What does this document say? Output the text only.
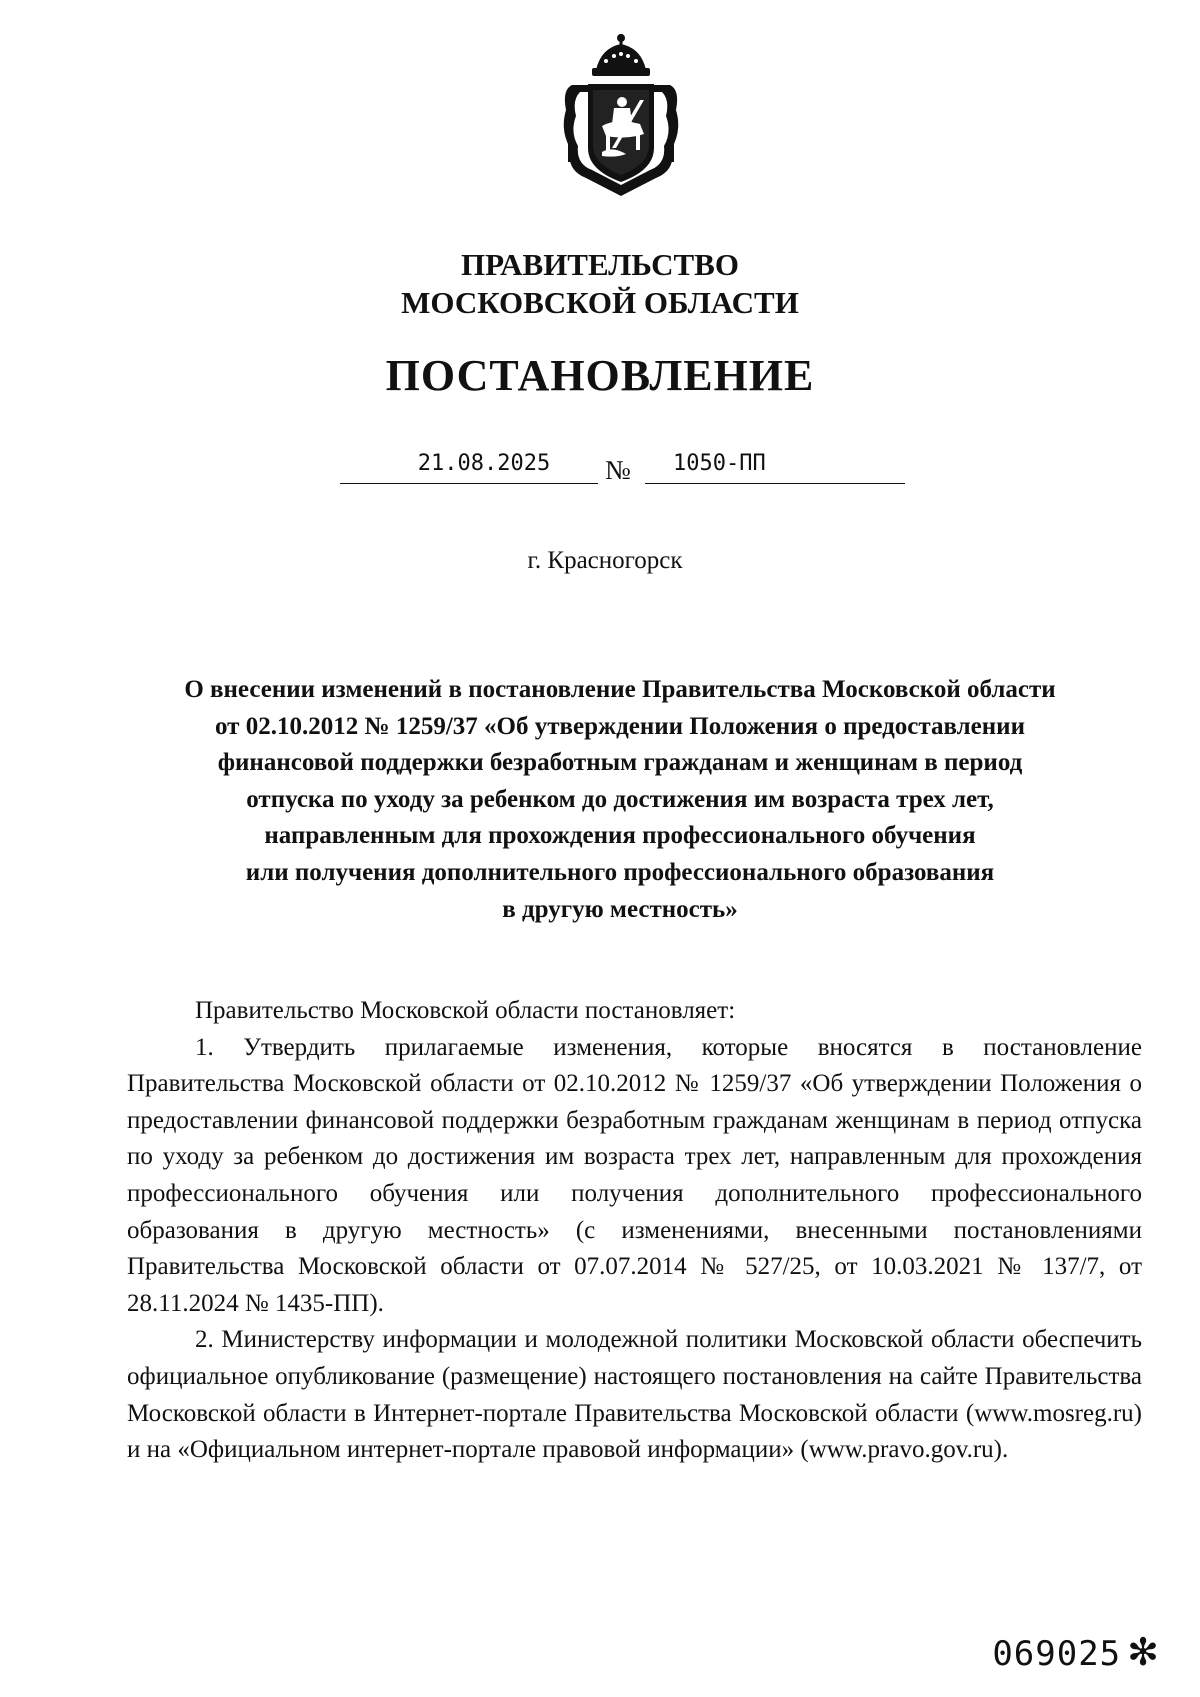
ПРАВИТЕЛЬСТВО
МОСКОВСКОЙ ОБЛАСТИ
ПОСТАНОВЛЕНИЕ
21.08.2025	№	1050-ПП
г. Красногорск
О внесении изменений в постановление Правительства Московской области
от 02.10.2012 № 1259/37 «Об утверждении Положения о предоставлении
финансовой поддержки безработным гражданам и женщинам в период
отпуска по уходу за ребенком до достижения им возраста трех лет,
направленным для прохождения профессионального обучения
или получения дополнительного профессионального образования
в другую местность»

Правительство Московской области постановляет:

1. Утвердить прилагаемые изменения, которые вносятся в постановление Правительства Московской области от 02.10.2012 № 1259/37 «Об утверждении Положения о предоставлении финансовой поддержки безработным гражданам женщинам в период отпуска по уходу за ребенком до достижения им возраста трех лет, направленным для прохождения профессионального обучения или получения дополнительного профессионального образования в другую местность» (с изменениями, внесенными постановлениями Правительства Московской области от 07.07.2014 № 527/25, от 10.03.2021 № 137/7, от 28.11.2024 № 1435-ПП).

2. Министерству информации и молодежной политики Московской области обеспечить официальное опубликование (размещение) настоящего постановления на сайте Правительства Московской области в Интернет-портале Правительства Московской области (www.mosreg.ru) и на «Официальном интернет-портале правовой информации» (www.pravo.gov.ru).

069025 ✻
